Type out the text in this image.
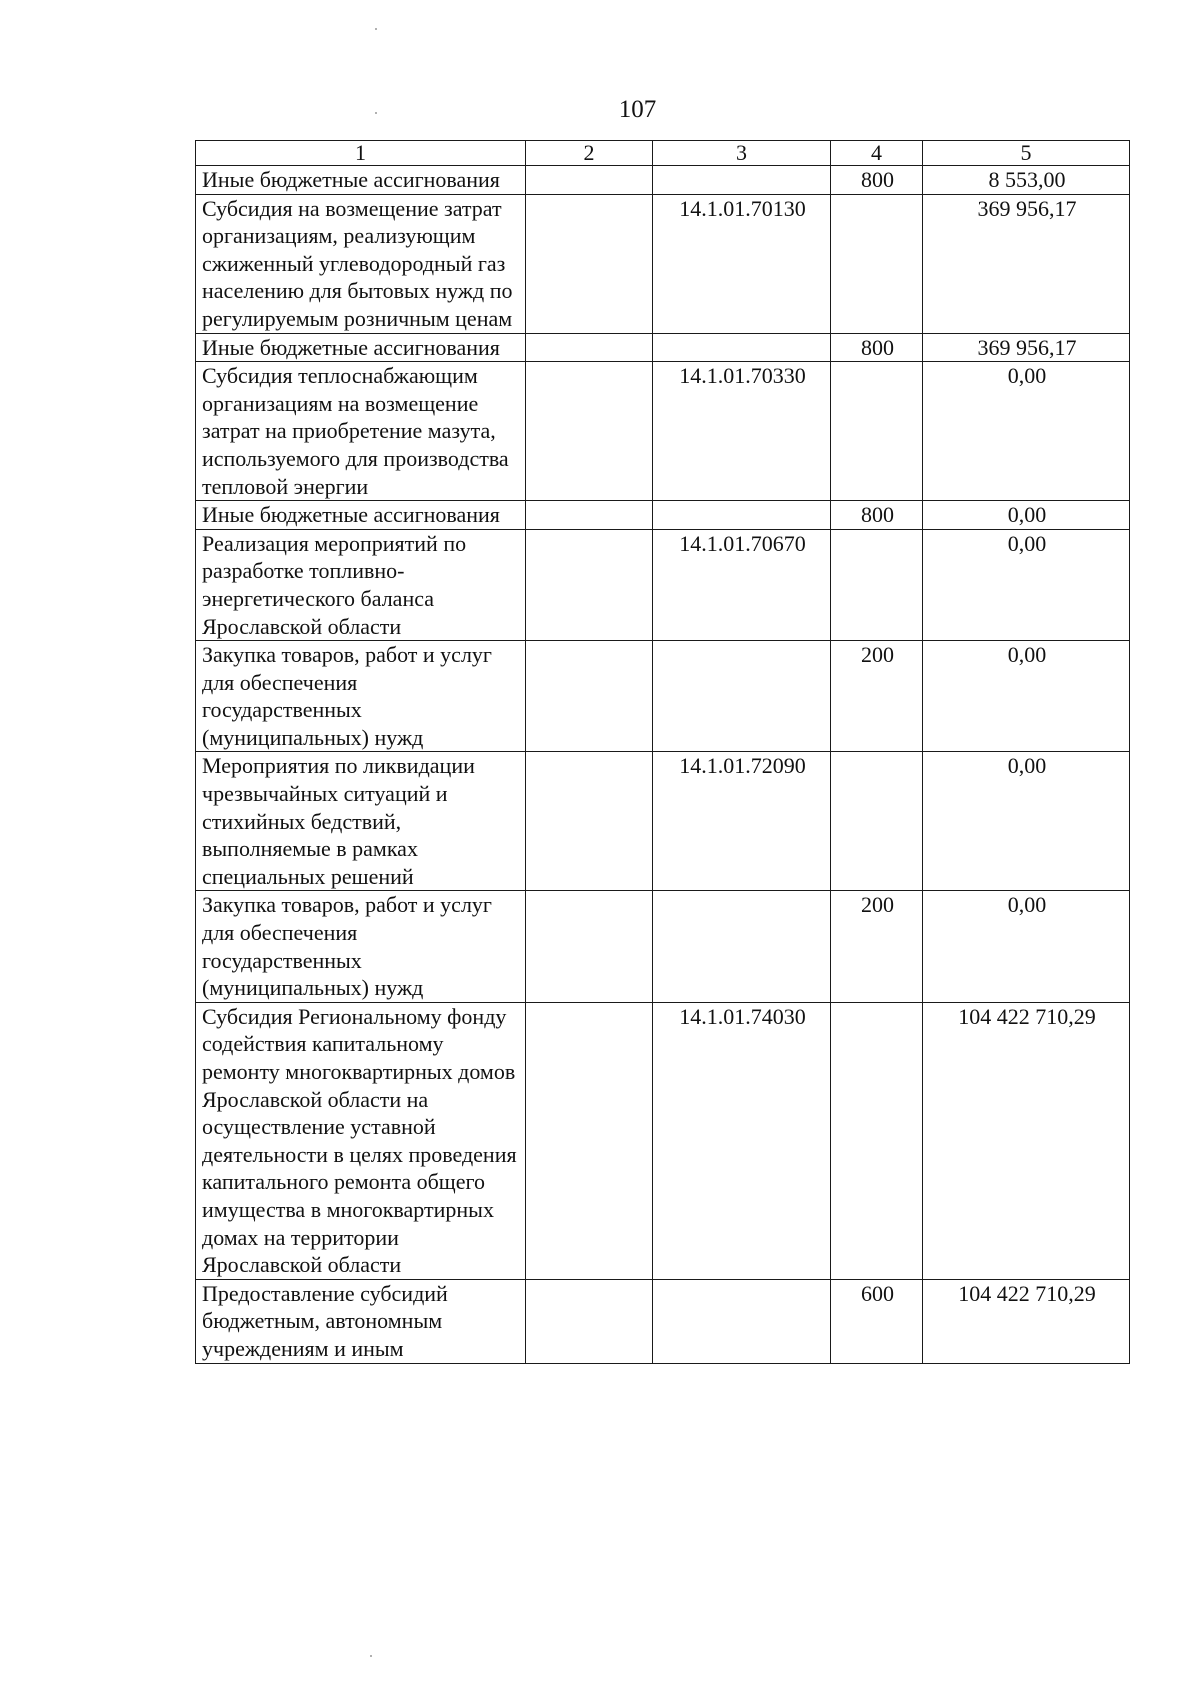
107
1	2	3	4	5
Иные бюджетные ассигнования			800	8 553,00
Субсидия на возмещение затрат организациям, реализующим сжиженный углеводородный газ населению для бытовых нужд по регулируемым розничным ценам		14.1.01.70130		369 956,17
Иные бюджетные ассигнования			800	369 956,17
Субсидия теплоснабжающим организациям на возмещение затрат на приобретение мазута, используемого для производства тепловой энергии		14.1.01.70330		0,00
Иные бюджетные ассигнования			800	0,00
Реализация мероприятий по разработке топливно-энергетического баланса Ярославской области		14.1.01.70670		0,00
Закупка товаров, работ и услуг для обеспечения государственных (муниципальных) нужд			200	0,00
Мероприятия по ликвидации чрезвычайных ситуаций и стихийных бедствий, выполняемые в рамках специальных решений		14.1.01.72090		0,00
Закупка товаров, работ и услуг для обеспечения государственных (муниципальных) нужд			200	0,00
Субсидия Региональному фонду содействия капитальному ремонту многоквартирных домов Ярославской области на осуществление уставной деятельности в целях проведения капитального ремонта общего имущества в многоквартирных домах на территории Ярославской области		14.1.01.74030		104 422 710,29
Предоставление субсидий бюджетным, автономным учреждениям и иным			600	104 422 710,29
